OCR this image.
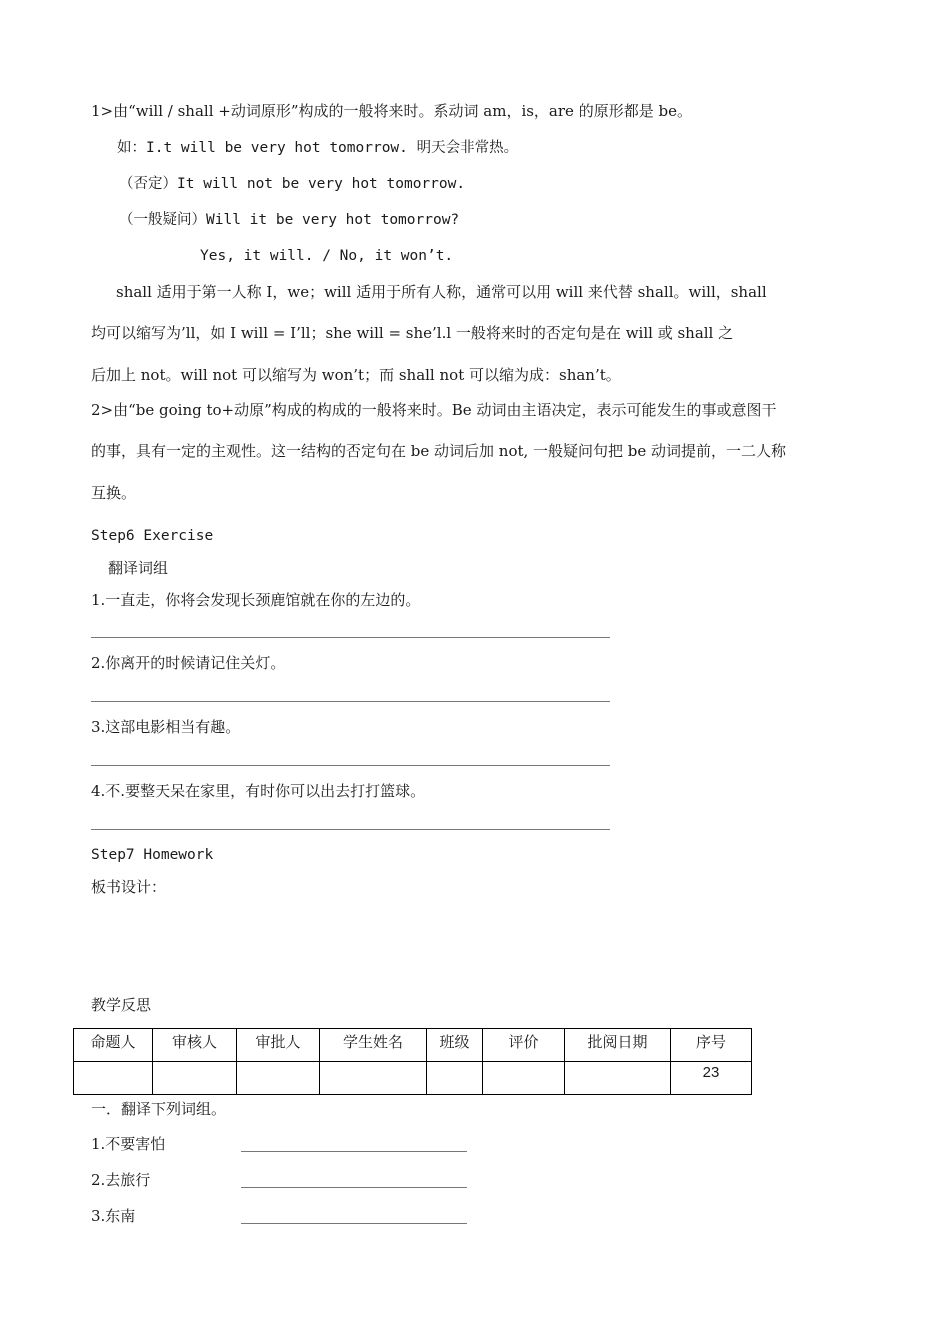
1>由“will / shall +动词原形”构成的一般将来时。系动词 am，is，are 的原形都是 be。
如：I.t will be very hot tomorrow. 明天会非常热。
（否定）It will not be very hot tomorrow.
（一般疑问）Will it be very hot tomorrow?
Yes, it will. / No, it won’t.
shall 适用于第一人称 I，we；will 适用于所有人称，通常可以用 will 来代替 shall。will，shall
均可以缩写为’ll，如 I will = I’ll；she will = she’l.l 一般将来时的否定句是在 will 或 shall 之
后加上 not。will not 可以缩写为 won’t；而 shall not 可以缩为成：shan’t。
2>由“be going to+动原”构成的构成的一般将来时。Be 动词由主语决定，表示可能发生的事或意图干
的事，具有一定的主观性。这一结构的否定句在 be 动词后加 not, 一般疑问句把 be 动词提前，一二人称
互换。
Step6 Exercise
翻译词组
1.一直走，你将会发现长颈鹿馆就在你的左边的。
2.你离开的时候请记住关灯。
3.这部电影相当有趣。
4.不.要整天呆在家里，有时你可以出去打打篮球。
Step7 Homework
板书设计：
教学反思
命题人	审核人	审批人	学生姓名	班级	评价	批阅日期	序号
							23
一．翻译下列词组。
1.不要害怕
2.去旅行
3.东南
